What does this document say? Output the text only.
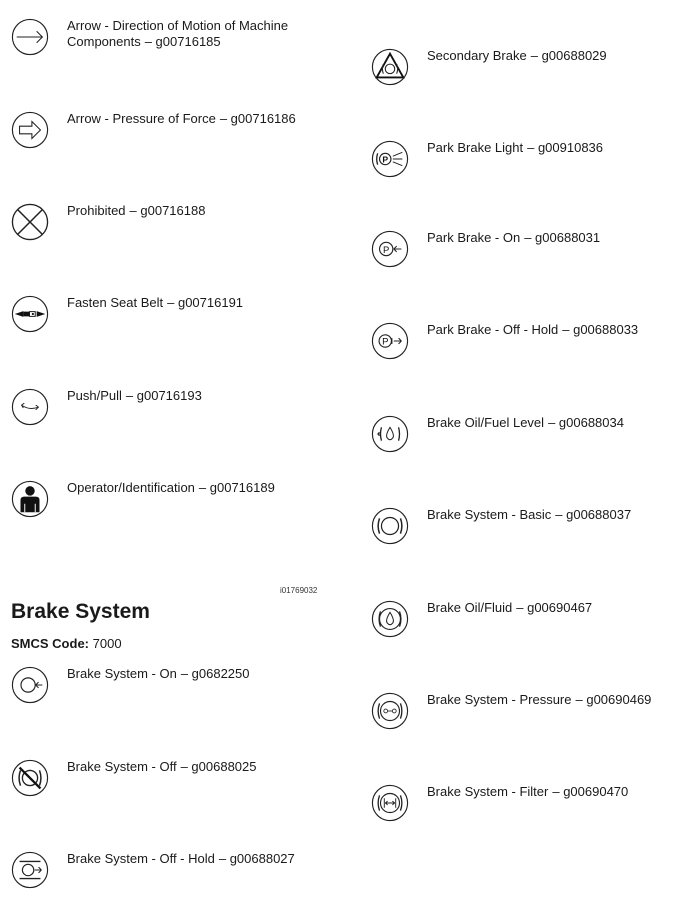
Arrow - Direction of Motion of Machine Components – g00716185
Arrow - Pressure of Force – g00716186
Prohibited – g00716188
Fasten Seat Belt – g00716191
Push/Pull – g00716193
Operator/Identification – g00716189
i01769032
Brake System
SMCS Code: 7000
Brake System - On – g0682250
Brake System - Off – g00688025
Brake System - Off - Hold – g00688027
Secondary Brake – g00688029
P
Park Brake Light – g00910836
P
Park Brake - On – g00688031
P
Park Brake - Off - Hold – g00688033
Brake Oil/Fuel Level – g00688034
Brake System - Basic – g00688037
Brake Oil/Fluid – g00690467
Brake System - Pressure – g00690469
Brake System - Filter – g00690470
